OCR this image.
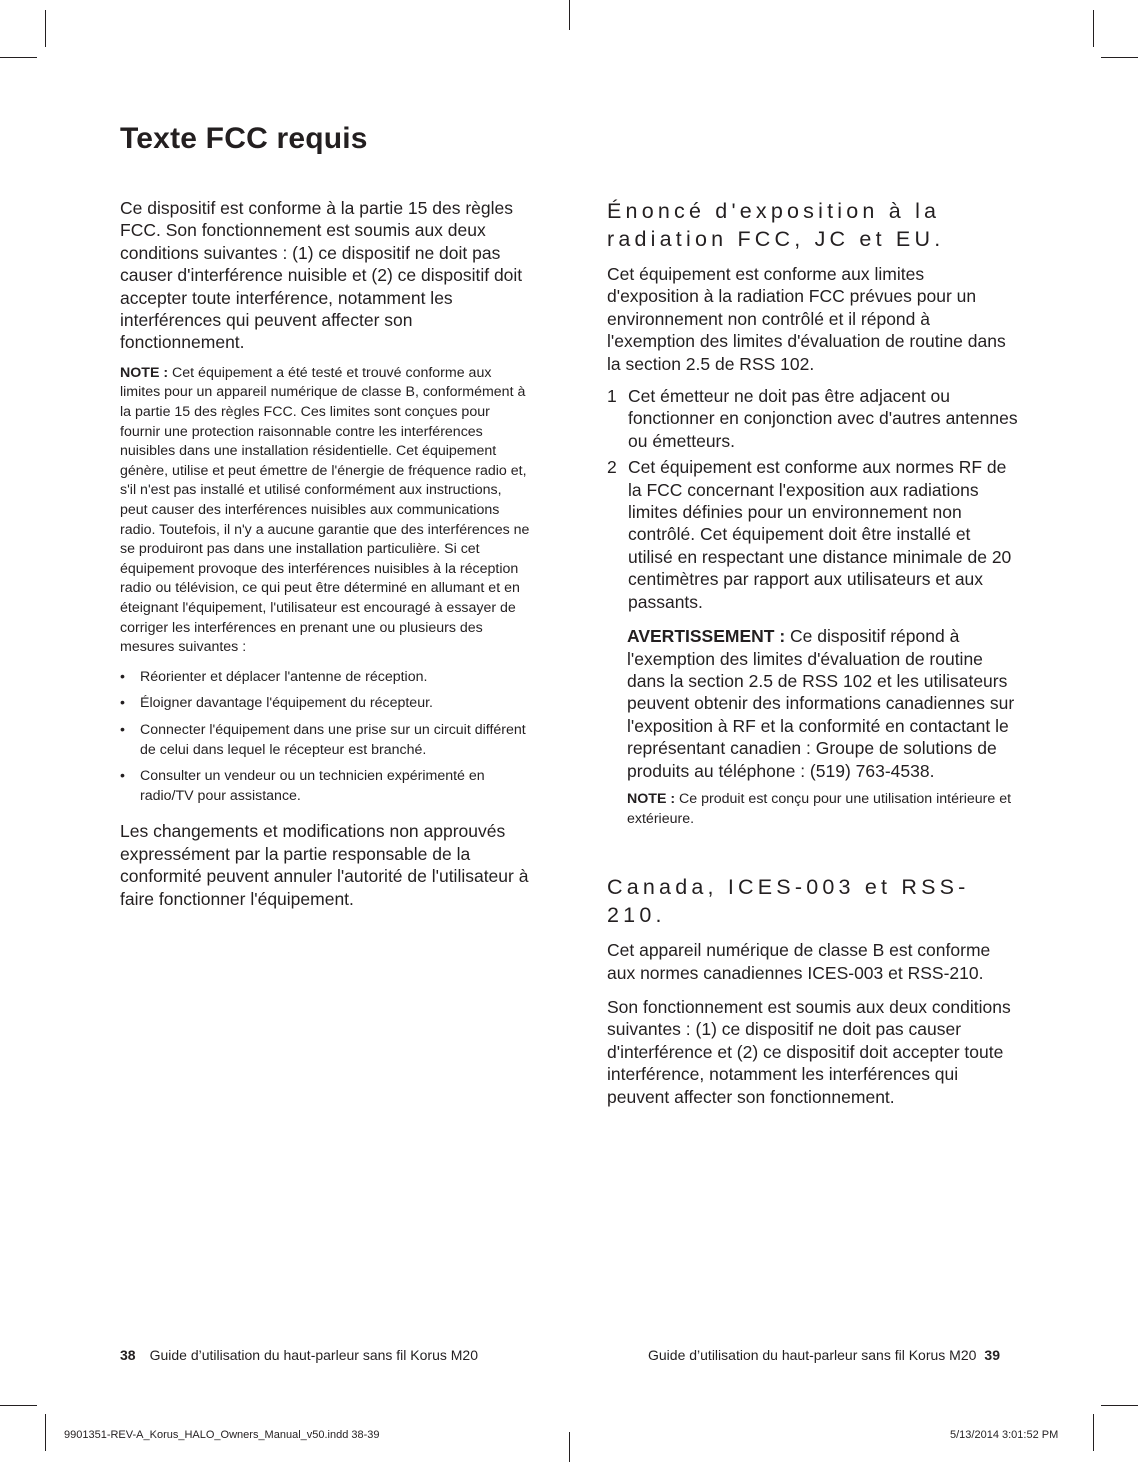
Texte FCC requis

Ce dispositif est conforme à la partie 15 des règles FCC. Son fonctionnement est soumis aux deux conditions suivantes : (1) ce dispositif ne doit pas causer d'interférence nuisible et (2) ce dispositif doit accepter toute interférence, notamment les interférences qui peuvent affecter son fonctionnement.

NOTE : Cet équipement a été testé et trouvé conforme aux limites pour un appareil numérique de classe B, conformément à la partie 15 des règles FCC. Ces limites sont conçues pour fournir une protection raisonnable contre les interférences nuisibles dans une installation résidentielle. Cet équipement génère, utilise et peut émettre de l'énergie de fréquence radio et, s'il n'est pas installé et utilisé conformément aux instructions, peut causer des interférences nuisibles aux communications radio. Toutefois, il n'y a aucune garantie que des interférences ne se produiront pas dans une installation particulière. Si cet équipement provoque des interférences nuisibles à la réception radio ou télévision, ce qui peut être déterminé en allumant et en éteignant l'équipement, l'utilisateur est encouragé à essayer de corriger les interférences en prenant une ou plusieurs des mesures suivantes :

• Réorienter et déplacer l'antenne de réception.
• Éloigner davantage l'équipement du récepteur.
• Connecter l'équipement dans une prise sur un circuit différent de celui dans lequel le récepteur est branché.
• Consulter un vendeur ou un technicien expérimenté en radio/TV pour assistance.

Les changements et modifications non approuvés expressément par la partie responsable de la conformité peuvent annuler l'autorité de l'utilisateur à faire fonctionner l'équipement.

Énoncé d'exposition à la radiation FCC, JC et EU.

Cet équipement est conforme aux limites d'exposition à la radiation FCC prévues pour un environnement non contrôlé et il répond à l'exemption des limites d'évaluation de routine dans la section 2.5 de RSS 102.

1 Cet émetteur ne doit pas être adjacent ou fonctionner en conjonction avec d'autres antennes ou émetteurs.
2 Cet équipement est conforme aux normes RF de la FCC concernant l'exposition aux radiations limites définies pour un environnement non contrôlé. Cet équipement doit être installé et utilisé en respectant une distance minimale de 20 centimètres par rapport aux utilisateurs et aux passants.

AVERTISSEMENT : Ce dispositif répond à l'exemption des limites d'évaluation de routine dans la section 2.5 de RSS 102 et les utilisateurs peuvent obtenir des informations canadiennes sur l'exposition à RF et la conformité en contactant le représentant canadien : Groupe de solutions de produits au téléphone : (519) 763-4538.

NOTE : Ce produit est conçu pour une utilisation intérieure et extérieure.

Canada, ICES-003 et RSS-210.

Cet appareil numérique de classe B est conforme aux normes canadiennes ICES-003 et RSS-210.

Son fonctionnement est soumis aux deux conditions suivantes : (1) ce dispositif ne doit pas causer d'interférence et (2) ce dispositif doit accepter toute interférence, notamment les interférences qui peuvent affecter son fonctionnement.

38 Guide d’utilisation du haut-parleur sans fil Korus M20	Guide d’utilisation du haut-parleur sans fil Korus M20 39
9901351-REV-A_Korus_HALO_Owners_Manual_v50.indd 38-39	5/13/2014 3:01:52 PM
